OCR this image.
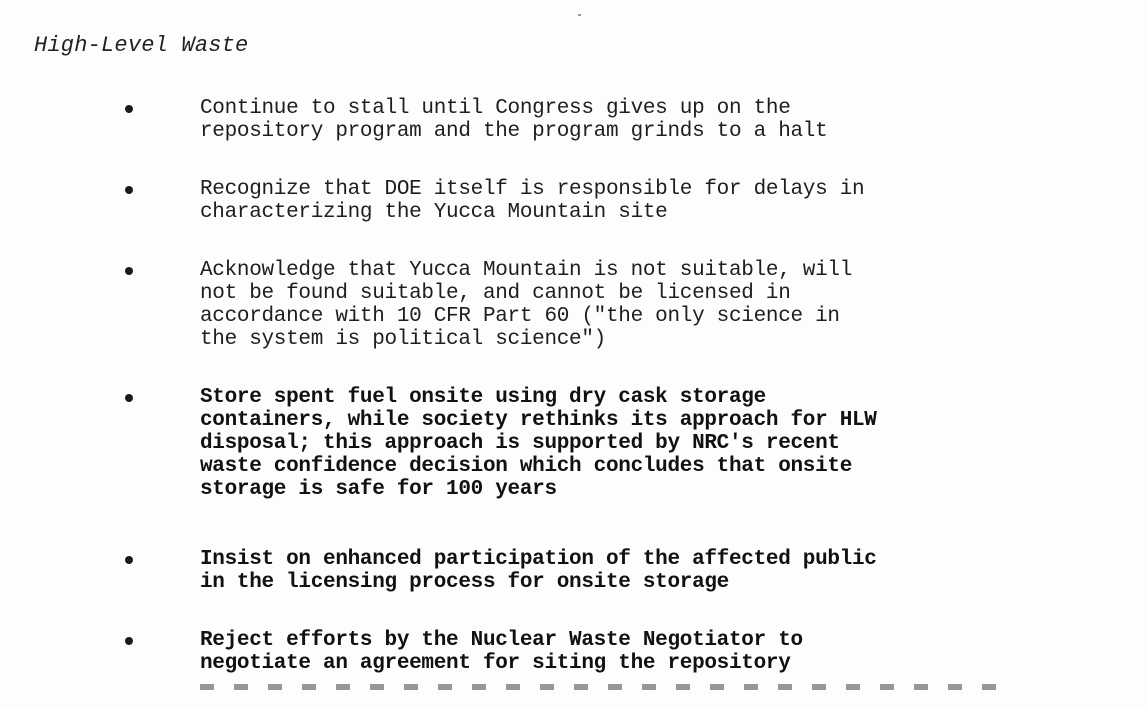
High-Level Waste
Continue to stall until Congress gives up on the
repository program and the program grinds to a halt
Recognize that DOE itself is responsible for delays in
characterizing the Yucca Mountain site
Acknowledge that Yucca Mountain is not suitable, will
not be found suitable, and cannot be licensed in
accordance with 10 CFR Part 60 ("the only science in
the system is political science")
Store spent fuel onsite using dry cask storage
containers, while society rethinks its approach for HLW
disposal; this approach is supported by NRC's recent
waste confidence decision which concludes that onsite
storage is safe for 100 years
Insist on enhanced participation of the affected public
in the licensing process for onsite storage
Reject efforts by the Nuclear Waste Negotiator to
negotiate an agreement for siting the repository
